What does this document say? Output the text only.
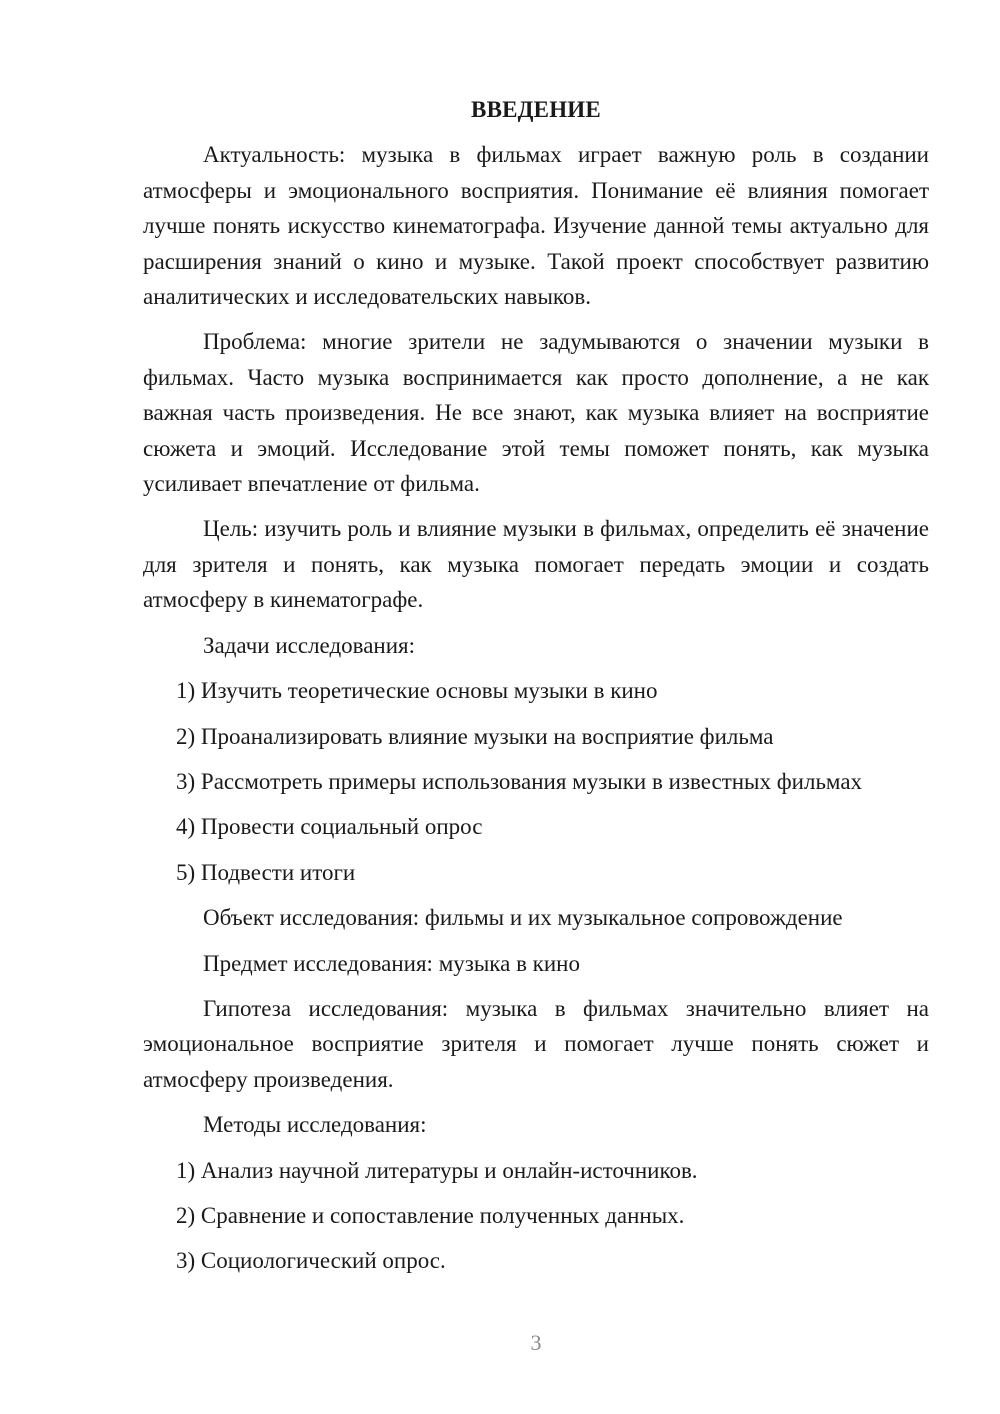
ВВЕДЕНИЕ

Актуальность: музыка в фильмах играет важную роль в создании атмосферы и эмоционального восприятия. Понимание её влияния помогает лучше понять искусство кинематографа. Изучение данной темы актуально для расширения знаний о кино и музыке. Такой проект способствует развитию аналитических и исследовательских навыков.

Проблема: многие зрители не задумываются о значении музыки в фильмах. Часто музыка воспринимается как просто дополнение, а не как важная часть произведения. Не все знают, как музыка влияет на восприятие сюжета и эмоций. Исследование этой темы поможет понять, как музыка усиливает впечатление от фильма.

Цель: изучить роль и влияние музыки в фильмах, определить её значение для зрителя и понять, как музыка помогает передать эмоции и создать атмосферу в кинематографе.

Задачи исследования:

1) Изучить теоретические основы музыки в кино
2) Проанализировать влияние музыки на восприятие фильма
3) Рассмотреть примеры использования музыки в известных фильмах
4) Провести социальный опрос
5) Подвести итоги

Объект исследования: фильмы и их музыкальное сопровождение

Предмет исследования: музыка в кино

Гипотеза исследования: музыка в фильмах значительно влияет на эмоциональное восприятие зрителя и помогает лучше понять сюжет и атмосферу произведения.

Методы исследования:

1) Анализ научной литературы и онлайн-источников.
2) Сравнение и сопоставление полученных данных.
3) Социологический опрос.
3
